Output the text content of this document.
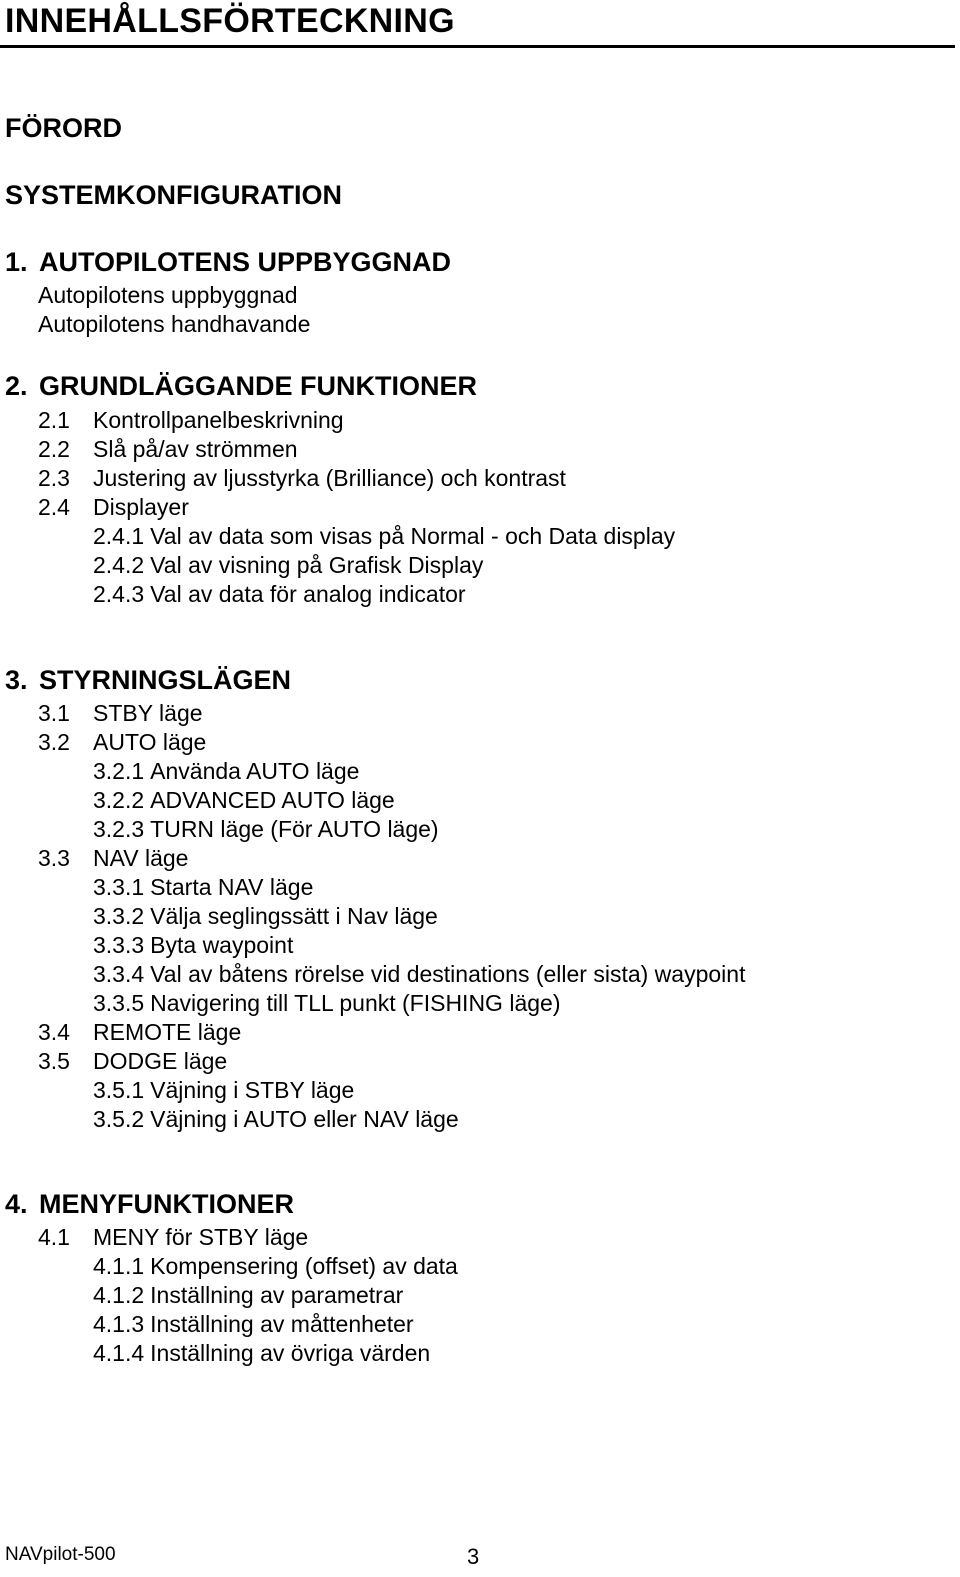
INNEHÅLLSFÖRTECKNING
FÖRORD
SYSTEMKONFIGURATION
1. AUTOPILOTENS UPPBYGGNAD
Autopilotens uppbyggnad
Autopilotens handhavande
2. GRUNDLÄGGANDE FUNKTIONER
2.1 Kontrollpanelbeskrivning
2.2 Slå på/av strömmen
2.3 Justering av ljusstyrka (Brilliance) och kontrast
2.4 Displayer
2.4.1 Val av data som visas på Normal - och Data display
2.4.2 Val av visning på Grafisk Display
2.4.3 Val av data för analog indicator
3. STYRNINGSLÄGEN
3.1 STBY läge
3.2 AUTO läge
3.2.1 Använda AUTO läge
3.2.2 ADVANCED AUTO läge
3.2.3 TURN läge (För AUTO läge)
3.3 NAV läge
3.3.1 Starta NAV läge
3.3.2 Välja seglingssätt i Nav läge
3.3.3 Byta waypoint
3.3.4 Val av båtens rörelse vid destinations (eller sista) waypoint
3.3.5 Navigering till TLL punkt (FISHING läge)
3.4 REMOTE läge
3.5 DODGE läge
3.5.1 Väjning i STBY läge
3.5.2 Väjning i AUTO eller NAV läge
4. MENYFUNKTIONER
4.1 MENY för STBY läge
4.1.1 Kompensering (offset) av data
4.1.2 Inställning av parametrar
4.1.3 Inställning av måttenheter
4.1.4 Inställning av övriga värden
NAVpilot-500	3
